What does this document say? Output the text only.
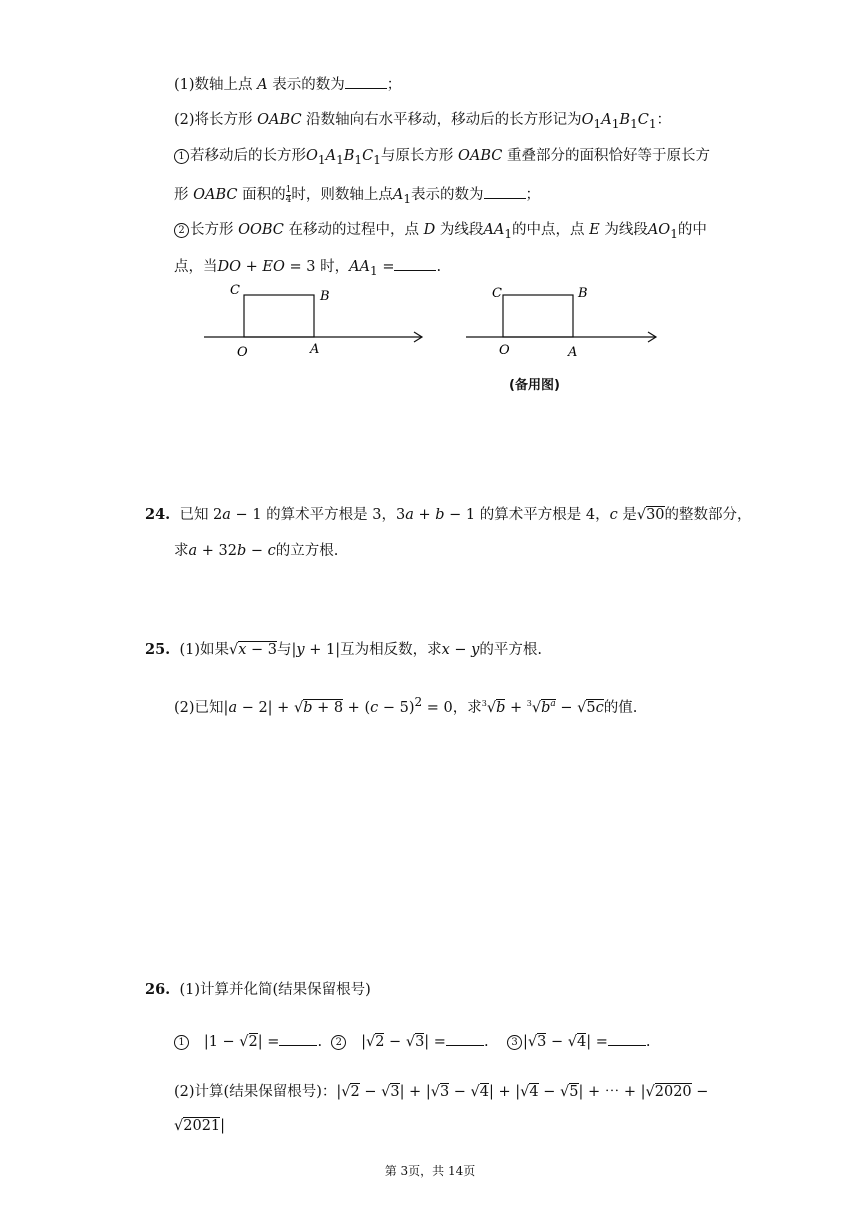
(1)数轴上点 A 表示的数为	；
(2)将长方形 OABC 沿数轴向右水平移动，移动后的长方形记为$O_1A_1B_1C_1$：
1 若移动后的长方形$O_1A_1B_1C_1$与原长方形 OABC 重叠部分的面积恰好等于原长方
形 OABC 面积的 $\frac{1}{4}$ 时，则数轴上点$A_1$表示的数为	；
2 长方形 OOBC 在移动的过程中，点 D 为线段$AA_1$的中点，点 E 为线段$AO_1$的中
点，当DO + EO = 3 时，$AA_1$ =	.
C	B
O	A
C	B
O	A
(备用图)
24.  已知 2a − 1 的算术平方根是 3，3a + b − 1 的算术平方根是 4，c 是√30的整数部分，
求a + 32b − c的立方根.
25.  (1)如果√x − 3与|y + 1|互为相反数，求x − y的平方根.
(2)已知$|a - 2| + √b + 8 + (c - 5)^2 = 0$，求$^3√b + ^3√b^a - √5c$的值.
26.  (1)计算并化简(结果保留根号)
1   |1 − √2| =	.  2   |√2 − √3| =	.    3 |√3 − √4| =	.
(2)计算(结果保留根号)：|√2 − √3| + |√3 − √4| + |√4 − √5| + ⋯ + |√2020 −
√2021|
第 3页，共 14页
